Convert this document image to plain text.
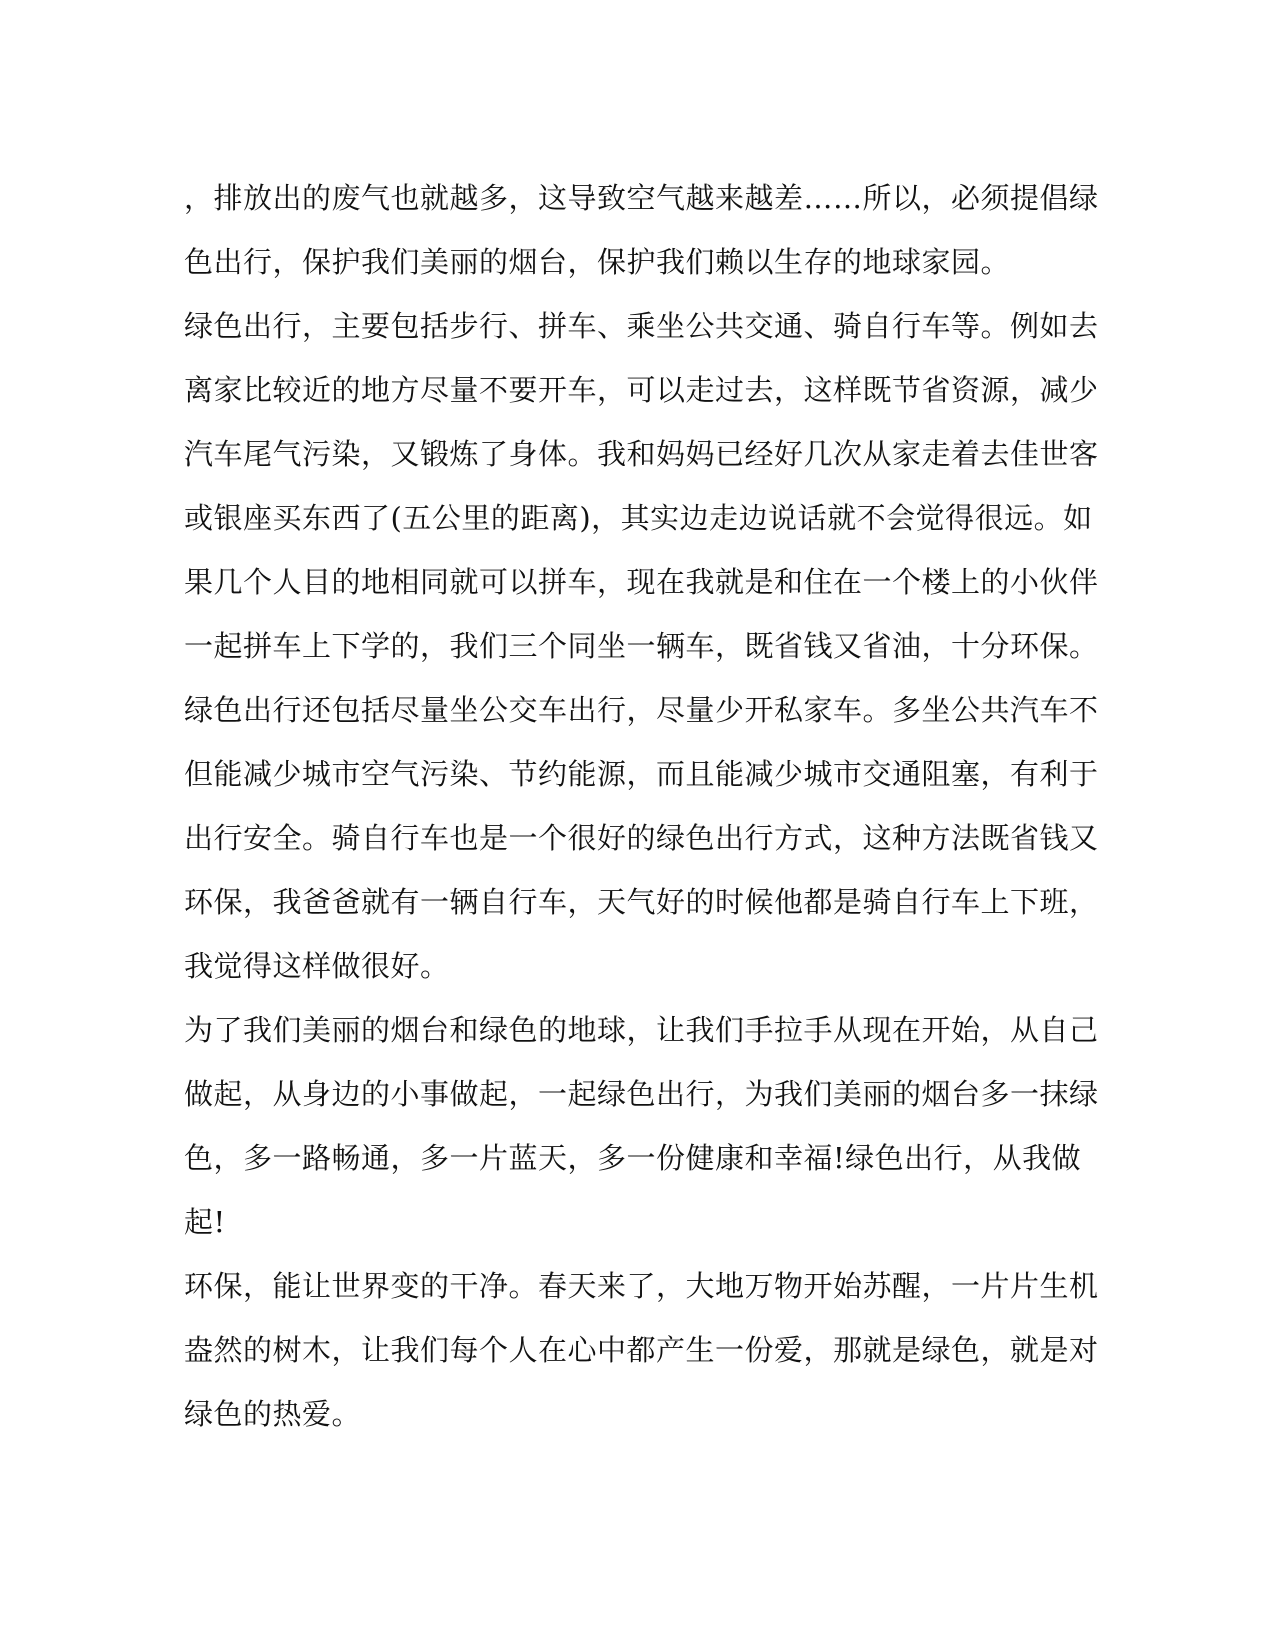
，排放出的废气也就越多，这导致空气越来越差……所以，必须提倡绿
色出行，保护我们美丽的烟台，保护我们赖以生存的地球家园。
绿色出行，主要包括步行、拼车、乘坐公共交通、骑自行车等。例如去
离家比较近的地方尽量不要开车，可以走过去，这样既节省资源，减少
汽车尾气污染，又锻炼了身体。我和妈妈已经好几次从家走着去佳世客
或银座买东西了(五公里的距离)，其实边走边说话就不会觉得很远。如
果几个人目的地相同就可以拼车，现在我就是和住在一个楼上的小伙伴
一起拼车上下学的，我们三个同坐一辆车，既省钱又省油，十分环保。
绿色出行还包括尽量坐公交车出行，尽量少开私家车。多坐公共汽车不
但能减少城市空气污染、节约能源，而且能减少城市交通阻塞，有利于
出行安全。骑自行车也是一个很好的绿色出行方式，这种方法既省钱又
环保，我爸爸就有一辆自行车，天气好的时候他都是骑自行车上下班，
我觉得这样做很好。
为了我们美丽的烟台和绿色的地球，让我们手拉手从现在开始，从自己
做起，从身边的小事做起，一起绿色出行，为我们美丽的烟台多一抹绿
色，多一路畅通，多一片蓝天，多一份健康和幸福!绿色出行，从我做
起!
环保，能让世界变的干净。春天来了，大地万物开始苏醒，一片片生机
盎然的树木，让我们每个人在心中都产生一份爱，那就是绿色，就是对
绿色的热爱。
